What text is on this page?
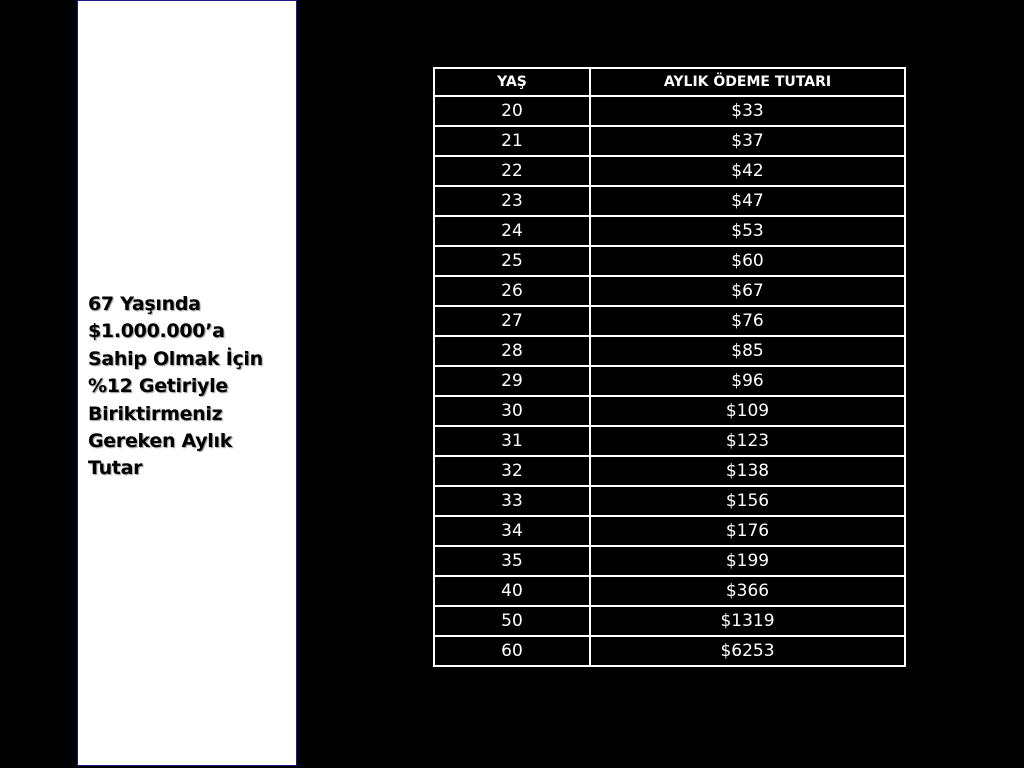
67 Yaşında
$1.000.000’a
Sahip Olmak İçin
%12 Getiriyle
Biriktirmeniz
Gereken Aylık
Tutar

YAŞ	AYLIK ÖDEME TUTARI
20	$33
21	$37
22	$42
23	$47
24	$53
25	$60
26	$67
27	$76
28	$85
29	$96
30	$109
31	$123
32	$138
33	$156
34	$176
35	$199
40	$366
50	$1319
60	$6253
